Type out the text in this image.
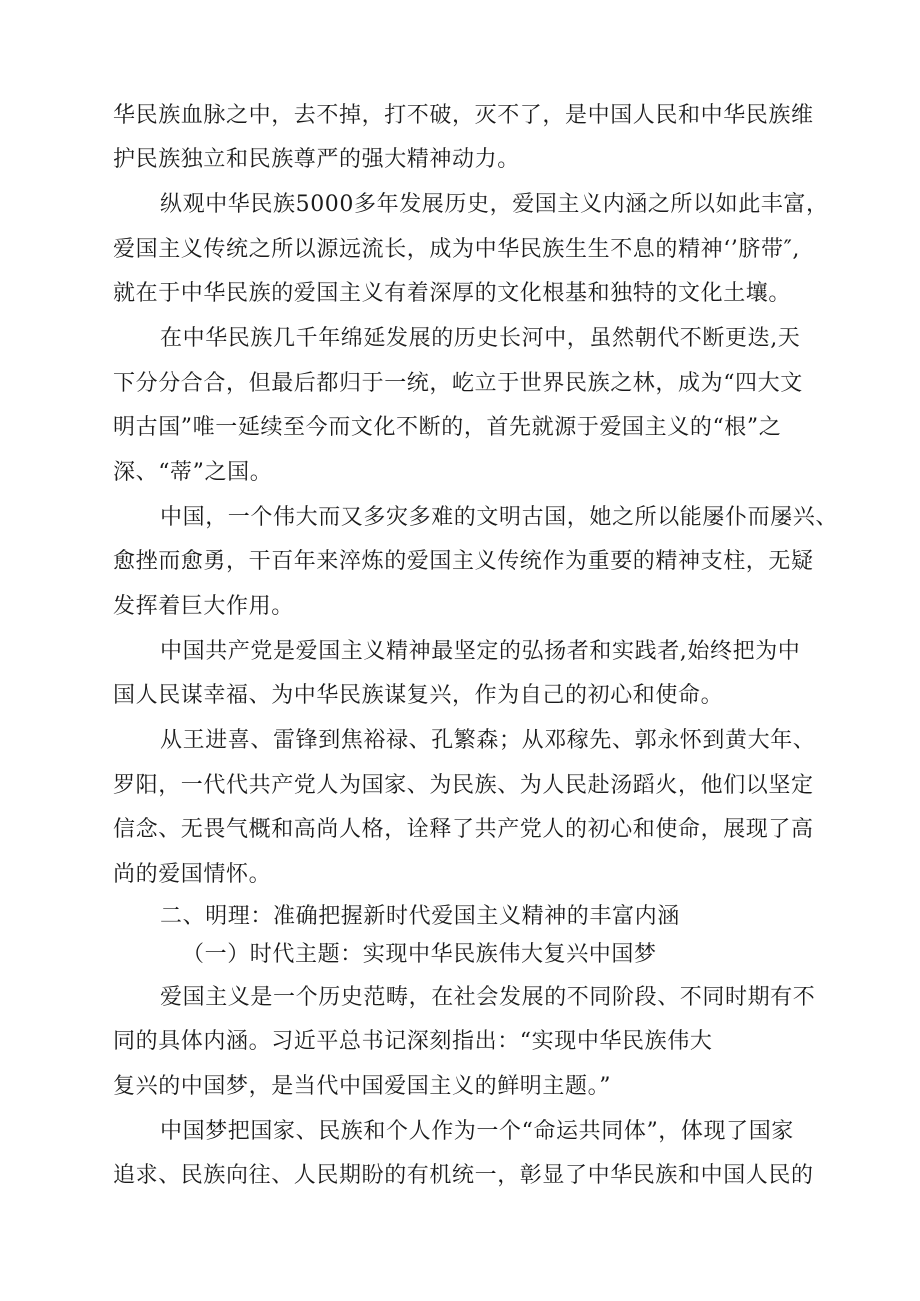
华民族血脉之中，去不掉，打不破，灭不了，是中国人民和中华民族维
护民族独立和民族尊严的强大精神动力。
纵观中华民族5000多年发展历史，爱国主义内涵之所以如此丰富，
爱国主义传统之所以源远流长，成为中华民族生生不息的精神‘’脐带″,
就在于中华民族的爱国主义有着深厚的文化根基和独特的文化土壤。
在中华民族几千年绵延发展的历史长河中，虽然朝代不断更迭,天
下分分合合，但最后都归于一统，屹立于世界民族之林，成为“四大文
明古国”唯一延续至今而文化不断的，首先就源于爱国主义的“根”之
深、“蒂”之国。
中国，一个伟大而又多灾多难的文明古国，她之所以能屡仆而屡兴、
愈挫而愈勇，干百年来淬炼的爱国主义传统作为重要的精神支柱，无疑
发挥着巨大作用。
中国共产党是爱国主义精神最坚定的弘扬者和实践者,始终把为中
国人民谋幸福、为中华民族谋复兴，作为自己的初心和使命。
从王进喜、雷锋到焦裕禄、孔繁森；从邓稼先、郭永怀到黄大年、
罗阳，一代代共产党人为国家、为民族、为人民赴汤蹈火，他们以坚定
信念、无畏气概和高尚人格，诠释了共产党人的初心和使命，展现了高
尚的爱国情怀。
二、明理：准确把握新时代爱国主义精神的丰富内涵
（一）时代主题：实现中华民族伟大复兴中国梦
爱国主义是一个历史范畴，在社会发展的不同阶段、不同时期有不
同的具体内涵。习近平总书记深刻指出：“实现中华民族伟大
复兴的中国梦，是当代中国爱国主义的鲜明主题。”
中国梦把国家、民族和个人作为一个“命运共同体”，体现了国家
追求、民族向往、人民期盼的有机统一，彰显了中华民族和中国人民的
